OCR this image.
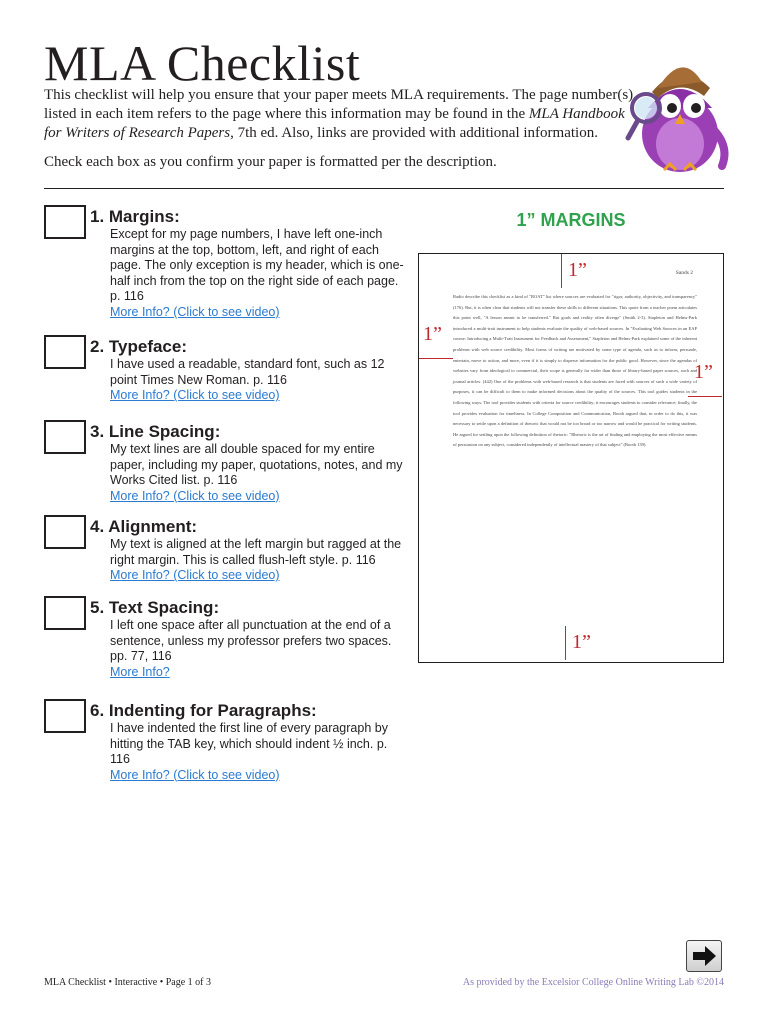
MLA Checklist

This checklist will help you ensure that your paper meets MLA requirements. The page number(s) listed in each item refers to the page where this information may be found in the MLA Handbook for Writers of Research Papers, 7th ed. Also, links are provided with additional information.

Check each box as you confirm your paper is formatted per the description.

1. Margins:

Except for my page numbers, I have left one-inch margins at the top, bottom, left, and right of each page. The only exception is my header, which is one-half inch from the top on the right side of each page. p. 116

More Info? (Click to see video)
2. Typeface:

I have used a readable, standard font, such as 12 point Times New Roman. p. 116

More Info? (Click to see video)
3. Line Spacing:

My text lines are all double spaced for my entire paper, including my paper, quotations, notes, and my Works Cited list. p. 116

More Info? (Click to see video)
4. Alignment:

My text is aligned at the left margin but ragged at the right margin. This is called flush-left style. p. 116

More Info? (Click to see video)
5. Text Spacing:

I left one space after all punctuation at the end of a sentence, unless my professor prefers two spaces. pp. 77, 116

More Info?
6. Indenting for Paragraphs:

I have indented the first line of every paragraph by hitting the TAB key, which should indent ½ inch. p. 116

More Info? (Click to see video)
1” MARGINS
Sands 2
Radio describe this checklist as a kind of "ROAT" list where sources are evaluated for "rigor, authority, objectivity, and transparency" (176). But, it is often clear that students will not transfer these skills to different situations. This quote from a teacher poem articulates this point well, "A lesson meant to be transferred." But goals and reality often diverge" (Smith 2-3). Stapleton and Helms-Park introduced a multi-trait instrument to help students evaluate the quality of web-based sources. In "Evaluating Web Sources in an EAP course: Introducing a Multi-Trait Instrument for Feedback and Assessment," Stapleton and Helms-Park explained some of the inherent problems with web source credibility. Most forms of writing are motivated by some type of agenda, such as to inform, persuade, entertain, move to action, and more, even if it is simply to disperse information for the public good. However, since the agendas of websites vary from ideological to commercial, their scope is generally far wider than those of library-based paper sources, such and journal articles. (442) One of the problems with web-based research is that students are faced with sources of such a wide variety of purposes, it can be difficult to them to make informed decisions about the quality of the sources. This tool guides students in the following ways: The tool provides students with criteria for source credibility; it encourages students to consider relevance; finally, the tool provides evaluation for timeliness. In College Composition and Communication, Booth argued that, in order to do this, it was necessary to settle upon a definition of rhetoric that would not be too broad or too narrow and would be practical for writing students. He argued for settling upon the following definition of rhetoric: "Rhetoric is the art of finding and employing the most effective means of persuasion on any subject, considered independently of intellectual mastery of that subject" (Booth 139).
1”
1”
1”
1”
MLA Checklist • Interactive • Page 1 of 3	As provided by the Excelsior College Online Writing Lab ©2014
